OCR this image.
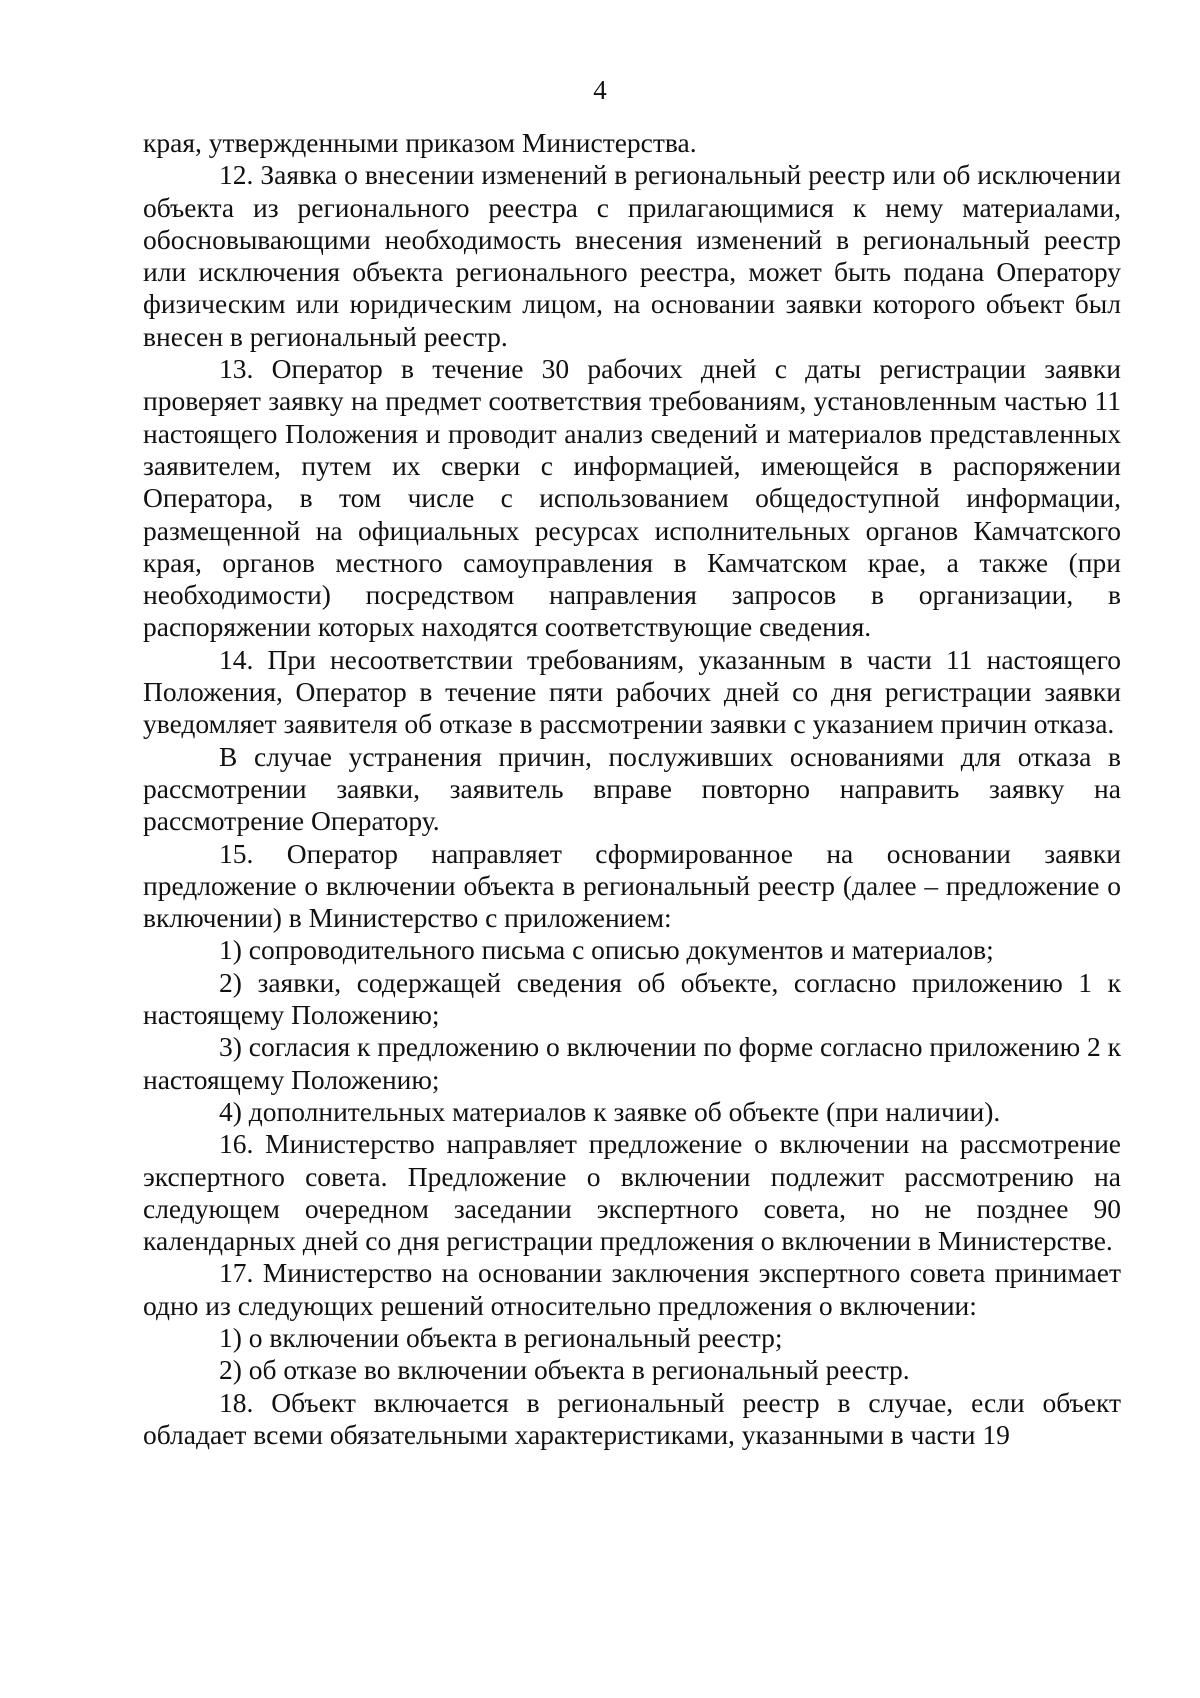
4

края, утвержденными приказом Министерства.

12. Заявка о внесении изменений в региональный реестр или об исключении объекта из регионального реестра с прилагающимися к нему материалами, обосновывающими необходимость внесения изменений в региональный реестр или исключения объекта регионального реестра, может быть подана Оператору физическим или юридическим лицом, на основании заявки которого объект был внесен в региональный реестр.

13. Оператор в течение 30 рабочих дней с даты регистрации заявки проверяет заявку на предмет соответствия требованиям, установленным частью 11 настоящего Положения и проводит анализ сведений и материалов представленных заявителем, путем их сверки с информацией, имеющейся в распоряжении Оператора, в том числе с использованием общедоступной информации, размещенной на официальных ресурсах исполнительных органов Камчатского края, органов местного самоуправления в Камчатском крае, а также (при необходимости) посредством направления запросов в организации, в распоряжении которых находятся соответствующие сведения.

14. При несоответствии требованиям, указанным в части 11 настоящего Положения, Оператор в течение пяти рабочих дней со дня регистрации заявки уведомляет заявителя об отказе в рассмотрении заявки с указанием причин отказа.

В случае устранения причин, послуживших основаниями для отказа в рассмотрении заявки, заявитель вправе повторно направить заявку на рассмотрение Оператору.

15. Оператор направляет сформированное на основании заявки предложение о включении объекта в региональный реестр (далее – предложение о включении) в Министерство с приложением:

1) сопроводительного письма с описью документов и материалов;

2) заявки, содержащей сведения об объекте, согласно приложению 1 к настоящему Положению;

3) согласия к предложению о включении по форме согласно приложению 2 к настоящему Положению;

4) дополнительных материалов к заявке об объекте (при наличии).

16. Министерство направляет предложение о включении на рассмотрение экспертного совета. Предложение о включении подлежит рассмотрению на следующем очередном заседании экспертного совета, но не позднее 90 календарных дней со дня регистрации предложения о включении в Министерстве.

17. Министерство на основании заключения экспертного совета принимает одно из следующих решений относительно предложения о включении:

1) о включении объекта в региональный реестр;

2) об отказе во включении объекта в региональный реестр.

18. Объект включается в региональный реестр в случае, если объект обладает всеми обязательными характеристиками, указанными в части 19
